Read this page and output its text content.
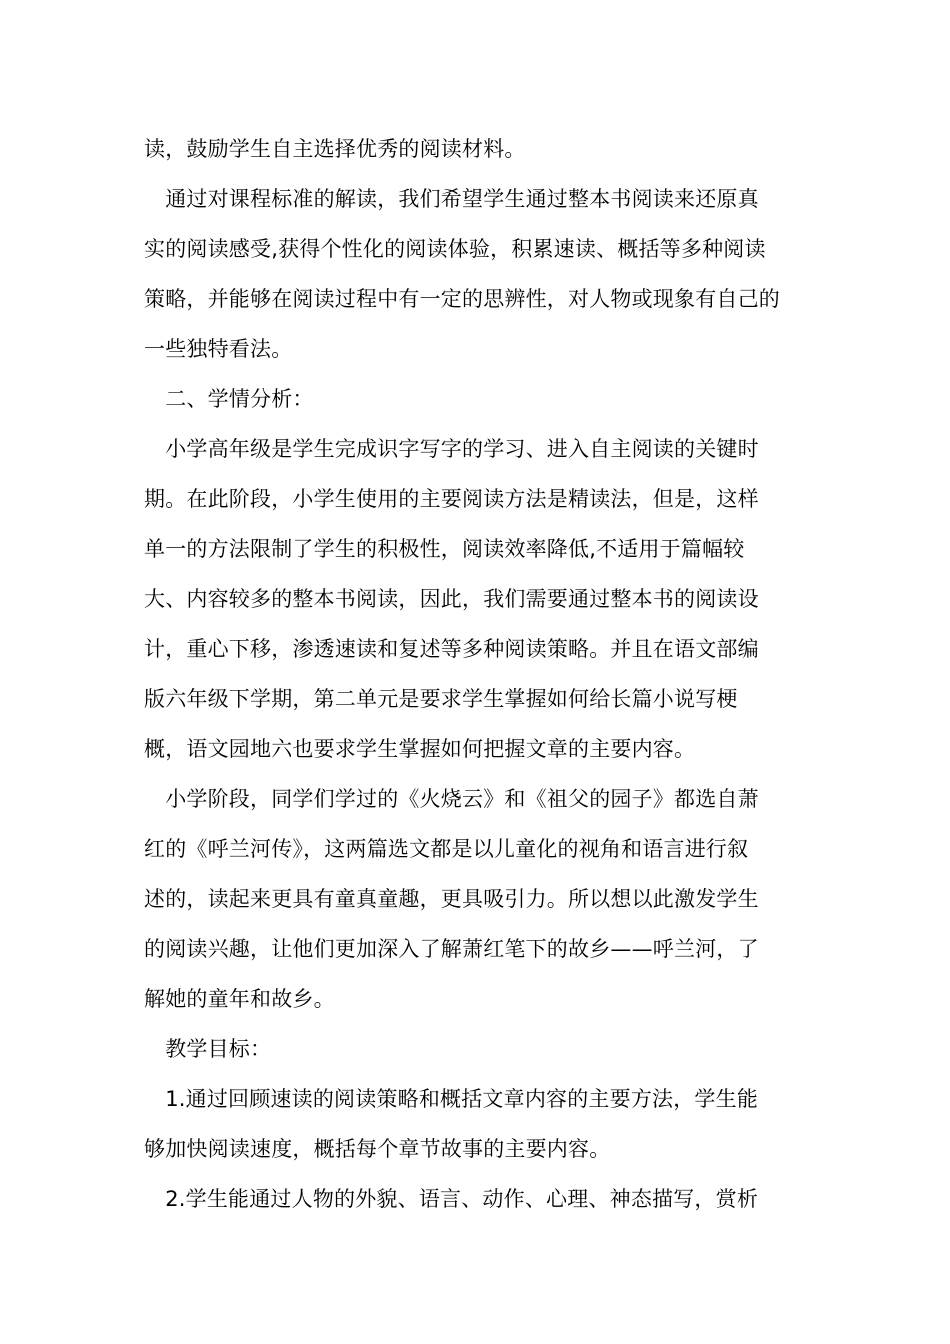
读，鼓励学生自主选择优秀的阅读材料。
　通过对课程标准的解读，我们希望学生通过整本书阅读来还原真
实的阅读感受,获得个性化的阅读体验，积累速读、概括等多种阅读
策略，并能够在阅读过程中有一定的思辨性，对人物或现象有自己的
一些独特看法。
　二、学情分析：
　小学高年级是学生完成识字写字的学习、进入自主阅读的关键时
期。在此阶段，小学生使用的主要阅读方法是精读法，但是，这样
单一的方法限制了学生的积极性，阅读效率降低,不适用于篇幅较
大、内容较多的整本书阅读，因此，我们需要通过整本书的阅读设
计，重心下移，渗透速读和复述等多种阅读策略。并且在语文部编
版六年级下学期，第二单元是要求学生掌握如何给长篇小说写梗
概，语文园地六也要求学生掌握如何把握文章的主要内容。
　小学阶段，同学们学过的《火烧云》和《祖父的园子》都选自萧
红的《呼兰河传》，这两篇选文都是以儿童化的视角和语言进行叙
述的，读起来更具有童真童趣，更具吸引力。所以想以此激发学生
的阅读兴趣，让他们更加深入了解萧红笔下的故乡——呼兰河，了
解她的童年和故乡。
　教学目标：
　1.通过回顾速读的阅读策略和概括文章内容的主要方法，学生能
够加快阅读速度，概括每个章节故事的主要内容。
　2.学生能通过人物的外貌、语言、动作、心理、神态描写，赏析
